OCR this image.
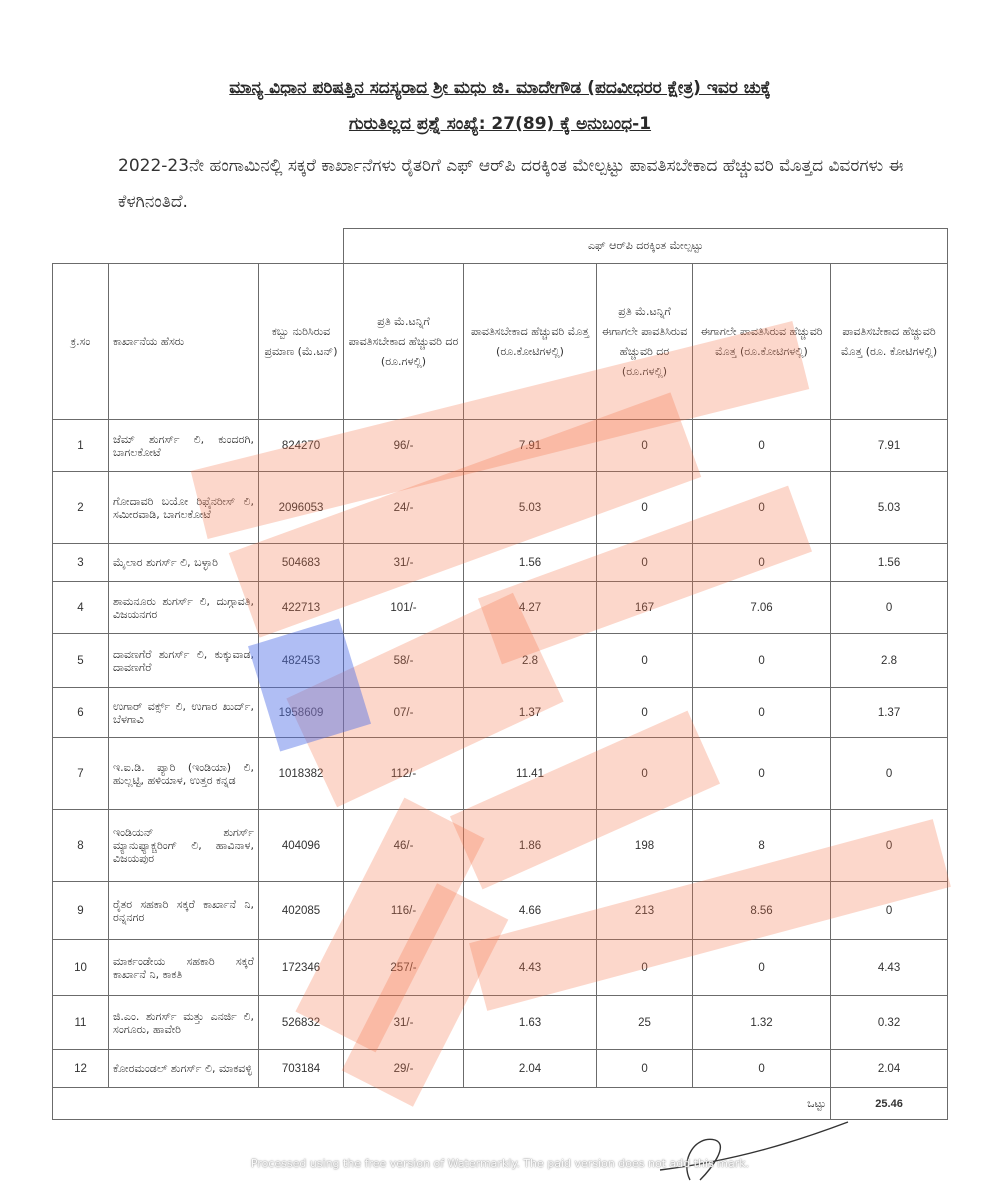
ಮಾನ್ಯ ವಿಧಾನ ಪರಿಷತ್ತಿನ ಸದಸ್ಯರಾದ ಶ್ರೀ ಮಧು ಜಿ. ಮಾದೇಗೌಡ (ಪದವೀಧರರ ಕ್ಷೇತ್ರ) ಇವರ ಚುಕ್ಕೆ
ಗುರುತಿಲ್ಲದ ಪ್ರಶ್ನೆ ಸಂಖ್ಯೆ: 27(89) ಕ್ಕೆ ಅನುಬಂಧ-1
2022-23ನೇ ಹಂಗಾಮಿನಲ್ಲಿ ಸಕ್ಕರೆ ಕಾರ್ಖಾನೆಗಳು ರೈತರಿಗೆ ಎಫ್ ಆರ್‌ಪಿ ದರಕ್ಕಿಂತ ಮೇಲ್ಪಟ್ಟು ಪಾವತಿಸಬೇಕಾದ ಹೆಚ್ಚುವರಿ ಮೊತ್ತದ ವಿವರಗಳು ಈ ಕೆಳಗಿನಂತಿದೆ.
			ಎಫ್ ಆರ್‌ಪಿ ದರಕ್ಕಿಂತ ಮೇಲ್ಪಟ್ಟು				
ಕ್ರ.ಸಂ	ಕಾರ್ಖಾನೆಯ ಹೆಸರು	ಕಬ್ಬು ನುರಿಸಿರುವ ಪ್ರಮಾಣ (ಮೆ.ಟನ್)	ಪ್ರತಿ ಮೆ.ಟನ್ನಿಗೆ ಪಾವತಿಸಬೇಕಾದ ಹೆಚ್ಚುವರಿ ದರ (ರೂ.ಗಳಲ್ಲಿ)	ಪಾವತಿಸಬೇಕಾದ ಹೆಚ್ಚುವರಿ ಮೊತ್ತ (ರೂ.ಕೋಟಿಗಳಲ್ಲಿ)	ಪ್ರತಿ ಮೆ.ಟನ್ನಿಗೆ ಈಗಾಗಲೇ ಪಾವತಿಸಿರುವ ಹೆಚ್ಚುವರಿ ದರ (ರೂ.ಗಳಲ್ಲಿ)	ಈಗಾಗಲೇ ಪಾವತಿಸಿರುವ ಹೆಚ್ಚುವರಿ ಮೊತ್ತ (ರೂ.ಕೋಟಿಗಳಲ್ಲಿ)	ಪಾವತಿಸಬೇಕಾದ ಹೆಚ್ಚುವರಿ ಮೊತ್ತ (ರೂ. ಕೋಟಿಗಳಲ್ಲಿ)
1	ಜೆಮ್ ಶುಗರ್ಸ್ ಲಿ, ಕುಂದರಗಿ, ಬಾಗಲಕೋಟೆ	824270	96/-	7.91	0	0	7.91
2	ಗೋದಾವರಿ ಬಯೋ ರಿಫೈನರೀಸ್ ಲಿ, ಸಮೀರವಾಡಿ, ಬಾಗಲಕೋಟೆ	2096053	24/-	5.03	0	0	5.03
3	ಮೈಲಾರ ಶುಗರ್ಸ್ ಲಿ, ಬಳ್ಳಾರಿ	504683	31/-	1.56	0	0	1.56
4	ಶಾಮನೂರು ಶುಗರ್ಸ್ ಲಿ, ದುಗ್ಗಾವತಿ, ವಿಜಯನಗರ	422713	101/-	4.27	167	7.06	0
5	ದಾವಣಗೆರೆ ಶುಗರ್ಸ್ ಲಿ, ಕುಕ್ಕುವಾಡ, ದಾವಣಗೆರೆ	482453	58/-	2.8	0	0	2.8
6	ಉಗಾರ್ ವರ್ಕ್ಸ್ ಲಿ, ಉಗಾರ ಖುರ್ದ್, ಬೆಳಗಾವಿ	1958609	07/-	1.37	0	0	1.37
7	ಇ.ಐ.ಡಿ. ಪ್ಯಾರಿ (ಇಂಡಿಯಾ) ಲಿ, ಹುಲ್ಲಟ್ಟಿ, ಹಳಿಯಾಳ, ಉತ್ತರ ಕನ್ನಡ	1018382	112/-	11.41	0	0	0
8	ಇಂಡಿಯನ್ ಶುಗರ್ಸ್ ಮ್ಯಾನುಫ್ಯಾಕ್ಚರಿಂಗ್ ಲಿ, ಹಾವಿನಾಳ, ವಿಜಯಪುರ	404096	46/-	1.86	198	8	0
9	ರೈತರ ಸಹಕಾರಿ ಸಕ್ಕರೆ ಕಾರ್ಖಾನೆ ನಿ, ರನ್ನನಗರ	402085	116/-	4.66	213	8.56	0
10	ಮಾರ್ಕಂಡೇಯ ಸಹಕಾರಿ ಸಕ್ಕರೆ ಕಾರ್ಖಾನೆ ನಿ, ಕಾಕತಿ	172346	257/-	4.43	0	0	4.43
11	ಜಿ.ಎಂ. ಶುಗರ್ಸ್ ಮತ್ತು ಎನರ್ಜಿ ಲಿ, ಸಂಗೂರು, ಹಾವೇರಿ	526832	31/-	1.63	25	1.32	0.32
12	ಕೋರಮಂಡಲ್ ಶುಗರ್ಸ್ ಲಿ, ಮಾಕವಳ್ಳಿ	703184	29/-	2.04	0	0	2.04
ಒಟ್ಟು							25.46
Processed using the free version of Watermarkly. The paid version does not add this mark.
